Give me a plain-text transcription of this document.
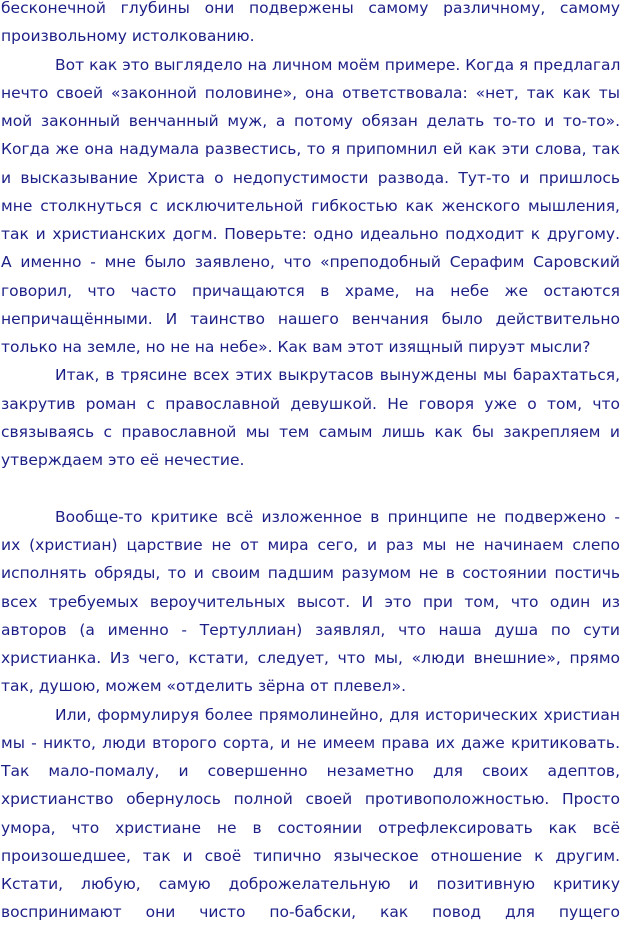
бесконечной глубины они подвержены самому различному, самому
произвольному истолкованию.
Вот как это выглядело на личном моём примере. Когда я предлагал
нечто своей «законной половине», она ответствовала: «нет, так как ты
мой законный венчанный муж, а потому обязан делать то-то и то-то».
Когда же она надумала развестись, то я припомнил ей как эти слова, так
и высказывание Христа о недопустимости развода. Тут-то и пришлось
мне столкнуться с исключительной гибкостью как женского мышления,
так и христианских догм. Поверьте: одно идеально подходит к другому.
А именно - мне было заявлено, что «преподобный Серафим Саровский
говорил, что часто причащаются в храме, на небе же остаются
непричащёнными. И таинство нашего венчания было действительно
только на земле, но не на небе». Как вам этот изящный пируэт мысли?
Итак, в трясине всех этих выкрутасов вынуждены мы барахтаться,
закрутив роман с православной девушкой. Не говоря уже о том, что
связываясь с православной мы тем самым лишь как бы закрепляем и
утверждаем это её нечестие.
Вообще-то критике всё изложенное в принципе не подвержено -
их (христиан) царствие не от мира сего, и раз мы не начинаем слепо
исполнять обряды, то и своим падшим разумом не в состоянии постичь
всех требуемых вероучительных высот. И это при том, что один из
авторов (а именно - Тертуллиан) заявлял, что наша душа по сути
христианка. Из чего, кстати, следует, что мы, «люди внешние», прямо
так, душою, можем «отделить зёрна от плевел».
Или, формулируя более прямолинейно, для исторических христиан
мы - никто, люди второго сорта, и не имеем права их даже критиковать.
Так мало-помалу, и совершенно незаметно для своих адептов,
христианство обернулось полной своей противоположностью. Просто
умора, что христиане не в состоянии отрефлексировать как всё
произошедшее, так и своё типично языческое отношение к другим.
Кстати, любую, самую доброжелательную и позитивную критику
воспринимают они чисто по-бабски, как повод для пущего
